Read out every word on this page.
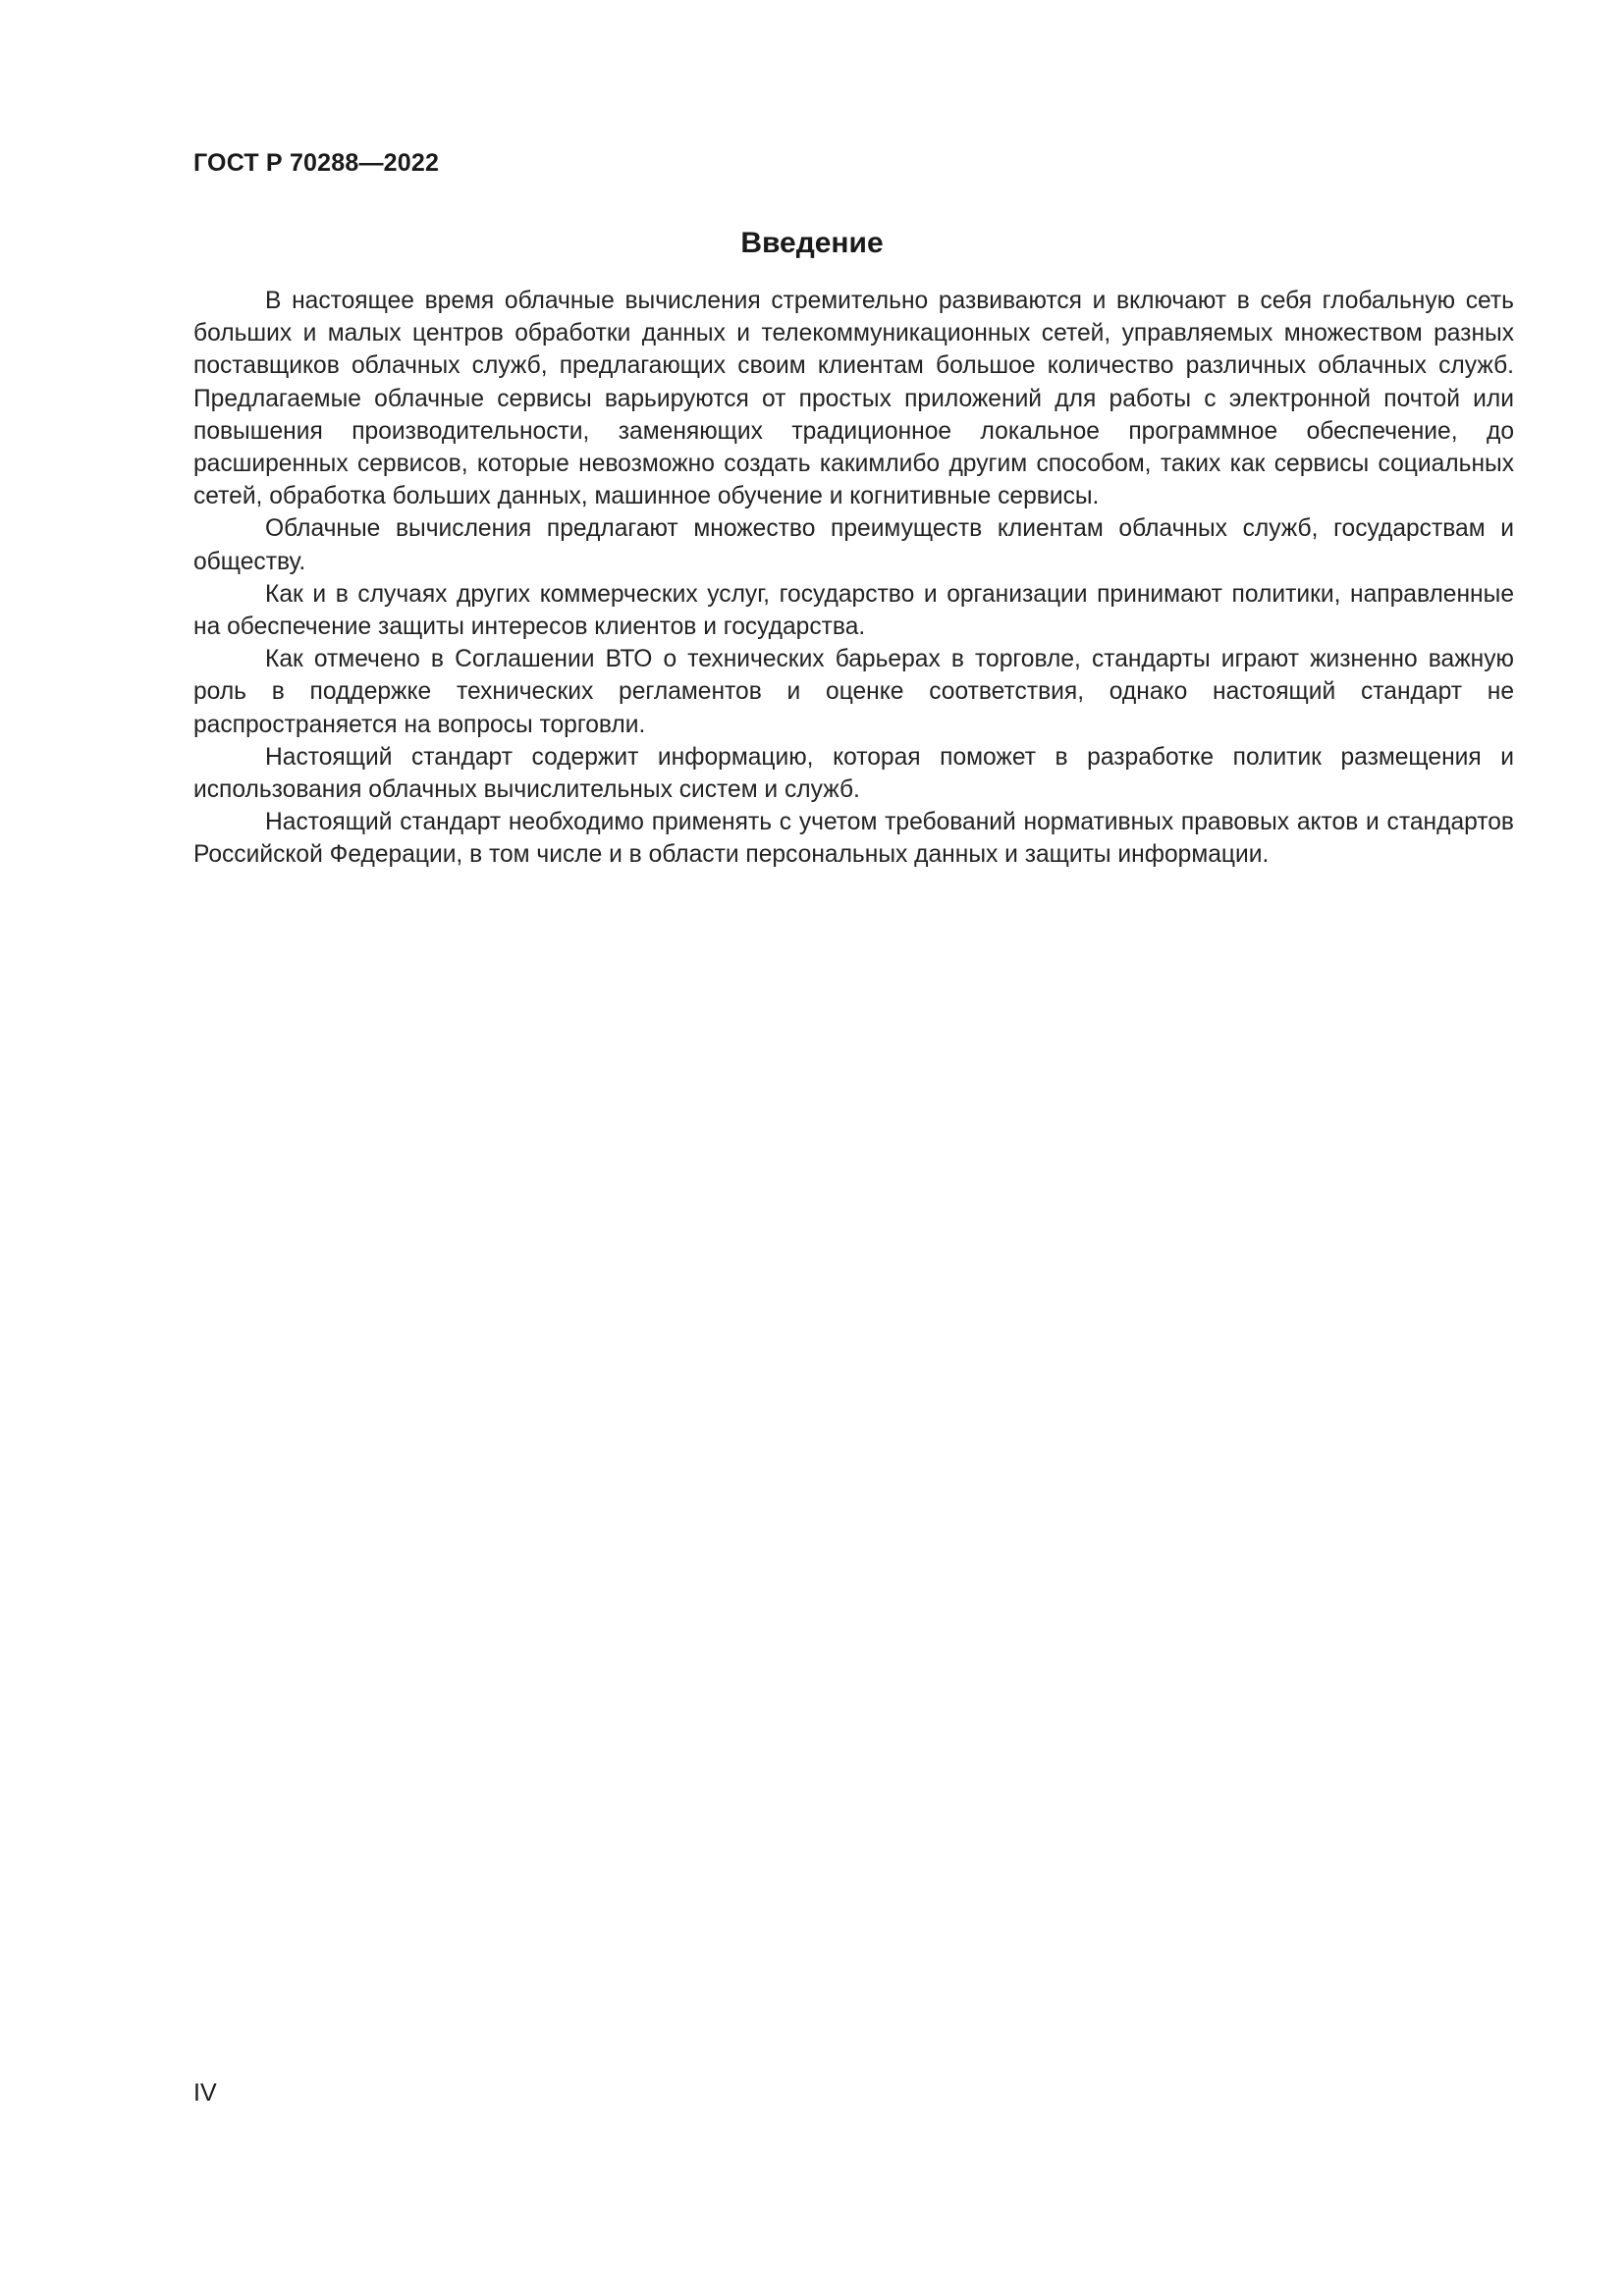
ГОСТ Р 70288—2022
Введение

В настоящее время облачные вычисления стремительно развиваются и включают в себя глобальную сеть больших и малых центров обработки данных и телекоммуникационных сетей, управляемых множеством разных поставщиков облачных служб, предлагающих своим клиентам большое количество различных облачных служб. Предлагаемые облачные сервисы варьируются от простых приложений для работы с электронной почтой или повышения производительности, заменяющих традиционное локальное программное обеспечение, до расширенных сервисов, которые невозможно создать какимлибо другим способом, таких как сервисы социальных сетей, обработка больших данных, машинное обучение и когнитивные сервисы.

Облачные вычисления предлагают множество преимуществ клиентам облачных служб, государствам и обществу.

Как и в случаях других коммерческих услуг, государство и организации принимают политики, направленные на обеспечение защиты интересов клиентов и государства.

Как отмечено в Соглашении ВТО о технических барьерах в торговле, стандарты играют жизненно важную роль в поддержке технических регламентов и оценке соответствия, однако настоящий стандарт не распространяется на вопросы торговли.

Настоящий стандарт содержит информацию, которая поможет в разработке политик размещения и использования облачных вычислительных систем и служб.

Настоящий стандарт необходимо применять с учетом требований нормативных правовых актов и стандартов Российской Федерации, в том числе и в области персональных данных и защиты информации.

IV
